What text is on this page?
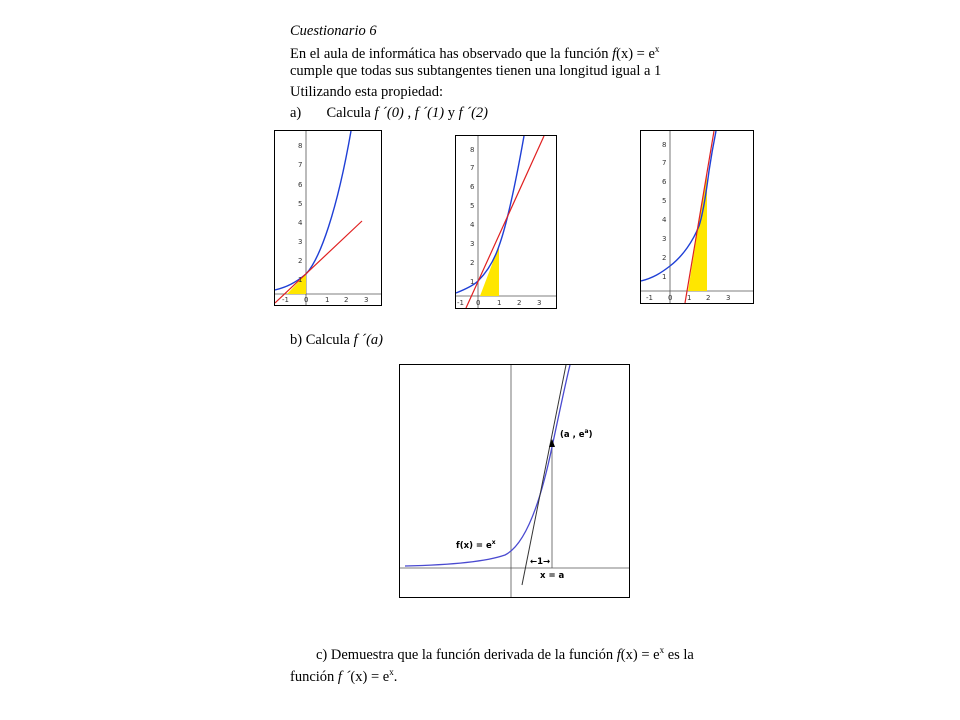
Cuestionario 6
En el aula de informática has observado que la función $f(x) = e^x$
cumple que todas sus subtangentes tienen una longitud igual a 1
Utilizando esta propiedad:
a) Calcula f ´(0) , f ´(1) y f ´(2)
8
7
6
5
4
3
2
1
-1 0 1 2 3
8
7
6
5
4
3
2
1
-1 0 1 2 3
8
7
6
5
4
3
2
1
-1 0 1 2 3
b) Calcula f ´(a)
(a , $e^a$)
$f(x) = e^x$
←1→
x = a
c) Demuestra que la función derivada de la función $f(x) = e^x$ es la
función f ´(x) = $e^x$.
